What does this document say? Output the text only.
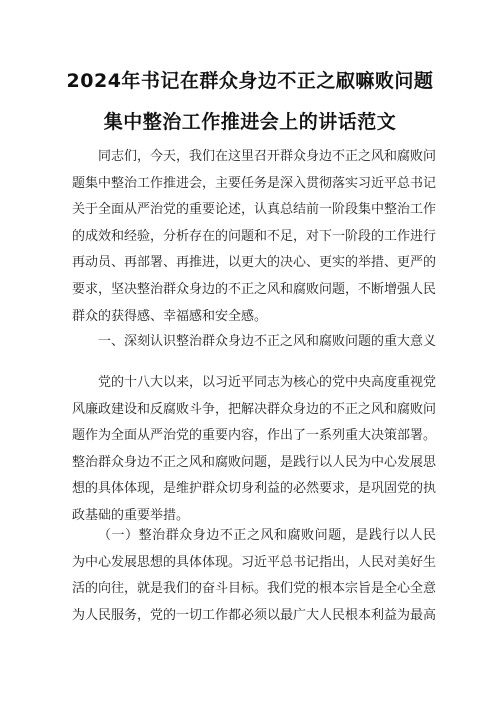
2024年书记在群众身边不正之㕞嘛败问题
集中整治工作推进会上的讲话范文
同志们，今天，我们在这里召开群众身边不正之风和腐败问
题集中整治工作推进会，主要任务是深入贯彻落实习近平总书记
关于全面从严治党的重要论述，认真总结前一阶段集中整治工作
的成效和经验，分析存在的问题和不足，对下一阶段的工作进行
再动员、再部署、再推进，以更大的决心、更实的举措、更严的
要求，坚决整治群众身边的不正之风和腐败问题，不断增强人民
群众的获得感、幸福感和安全感。
一、深刻认识整治群众身边不正之风和腐败问题的重大意义
党的十八大以来，以习近平同志为核心的党中央高度重视党
风廉政建设和反腐败斗争，把解决群众身边的不正之风和腐败问
题作为全面从严治党的重要内容，作出了一系列重大决策部署。
整治群众身边不正之风和腐败问题，是践行以人民为中心发展思
想的具体体现，是维护群众切身利益的必然要求，是巩固党的执
政基础的重要举措。
（一）整治群众身边不正之风和腐败问题，是践行以人民
为中心发展思想的具体体现。习近平总书记指出，人民对美好生
活的向往，就是我们的奋斗目标。我们党的根本宗旨是全心全意
为人民服务，党的一切工作都必须以最广大人民根本利益为最高
